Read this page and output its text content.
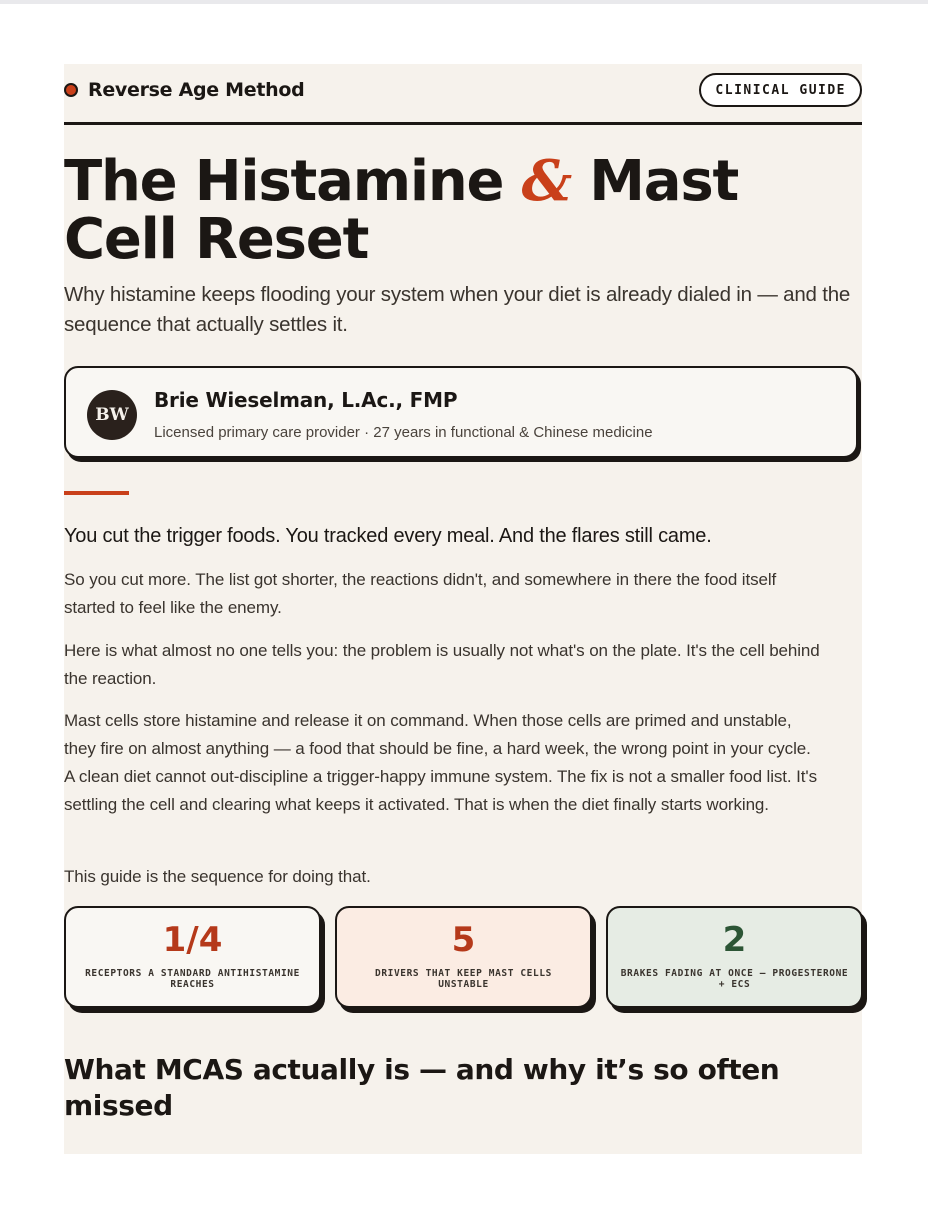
Reverse Age Method	CLINICAL GUIDE
The Histamine & Mast Cell Reset

Why histamine keeps flooding your system when your diet is already dialed in — and the sequence that actually settles it.

BW
Brie Wieselman, L.Ac., FMP
Licensed primary care provider · 27 years in functional & Chinese medicine

You cut the trigger foods. You tracked every meal. And the flares still came.

So you cut more. The list got shorter, the reactions didn't, and somewhere in there the food itself started to feel like the enemy.

Here is what almost no one tells you: the problem is usually not what's on the plate. It's the cell behind the reaction.

Mast cells store histamine and release it on command. When those cells are primed and unstable, they fire on almost anything — a food that should be fine, a hard week, the wrong point in your cycle. A clean diet cannot out-discipline a trigger-happy immune system. The fix is not a smaller food list. It's settling the cell and clearing what keeps it activated. That is when the diet finally starts working.

This guide is the sequence for doing that.

1/4
RECEPTORS A STANDARD ANTIHISTAMINE REACHES
5
DRIVERS THAT KEEP MAST CELLS UNSTABLE
2
BRAKES FADING AT ONCE — PROGESTERONE + ECS
What MCAS actually is — and why it’s so often missed
